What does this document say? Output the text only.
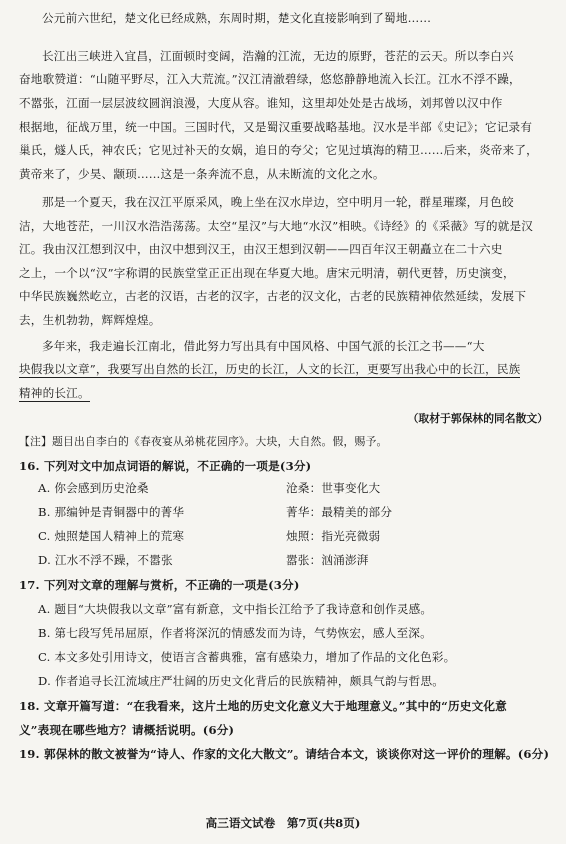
公元前六世纪，楚文化已经成熟，东周时期，楚文化直接影响到了蜀地……
长江出三峡进入宜昌，江面顿时变阔，浩瀚的江流，无边的原野，苍茫的云天。所以李白兴
奋地歌赞道：“山随平野尽，江入大荒流。”汉江清澈碧绿，悠悠静静地流入长江。江水不浮不躁，
不嚣张，江面一层层波纹圆润浪漫，大度从容。谁知，这里却处处是古战场，刘邦曾以汉中作
根据地，征战万里，统一中国。三国时代，又是蜀汉重要战略基地。汉水是半部《史记》；它记录有
巢氏，燧人氏，神农氏；它见过补天的女娲，追日的夸父；它见过填海的精卫……后来，炎帝来了，
黄帝来了，少昊、颛顼……这是一条奔流不息，从未断流的文化之水。
那是一个夏天，我在汉江平原采风，晚上坐在汉水岸边，空中明月一轮，群星璀璨，月色皎
洁，大地苍茫，一川汉水浩浩荡荡。太空“星汉”与大地“水汉”相映。《诗经》的《采薇》写的就是汉
江。我由汉江想到汉中，由汉中想到汉王，由汉王想到汉朝——四百年汉王朝矗立在二十六史
之上，一个以“汉”字称谓的民族堂堂正正出现在华夏大地。唐宋元明清，朝代更替，历史演变，
中华民族巍然屹立，古老的汉语，古老的汉字，古老的汉文化，古老的民族精神依然延续，发展下
去，生机勃勃，辉辉煌煌。
多年来，我走遍长江南北，借此努力写出具有中国风格、中国气派的长江之书——“大
块假我以文章”，我要写出自然的长江，历史的长江，人文的长江，更要写出我心中的长江，民族
精神的长江。
（取材于郭保林的同名散文）
【注】题目出自李白的《春夜宴从弟桃花园序》。大块，大自然。假，赐予。
16. 下列对文中加点词语的解说，不正确的一项是(3分)
A. 你会感到历史沧桑	沧桑：世事变化大
B. 那编钟是青铜器中的菁华	菁华：最精美的部分
C. 烛照楚国人精神上的荒寒	烛照：指光亮微弱
D. 江水不浮不躁，不嚣张	嚣张：汹涌澎湃
17. 下列对文章的理解与赏析，不正确的一项是(3分)
A. 题目“大块假我以文章”富有新意，文中指长江给予了我诗意和创作灵感。
B. 第七段写凭吊屈原，作者将深沉的情感发而为诗，气势恢宏，感人至深。
C. 本文多处引用诗文，使语言含蓄典雅，富有感染力，增加了作品的文化色彩。
D. 作者追寻长江流域庄严壮阔的历史文化背后的民族精神，颇具气韵与哲思。
18. 文章开篇写道：“在我看来，这片土地的历史文化意义大于地理意义。”其中的“历史文化意
义”表现在哪些地方？请概括说明。(6分)
19. 郭保林的散文被誉为“诗人、作家的文化大散文”。请结合本文，谈谈你对这一评价的理解。(6分)
高三语文试卷　第7页(共8页)
